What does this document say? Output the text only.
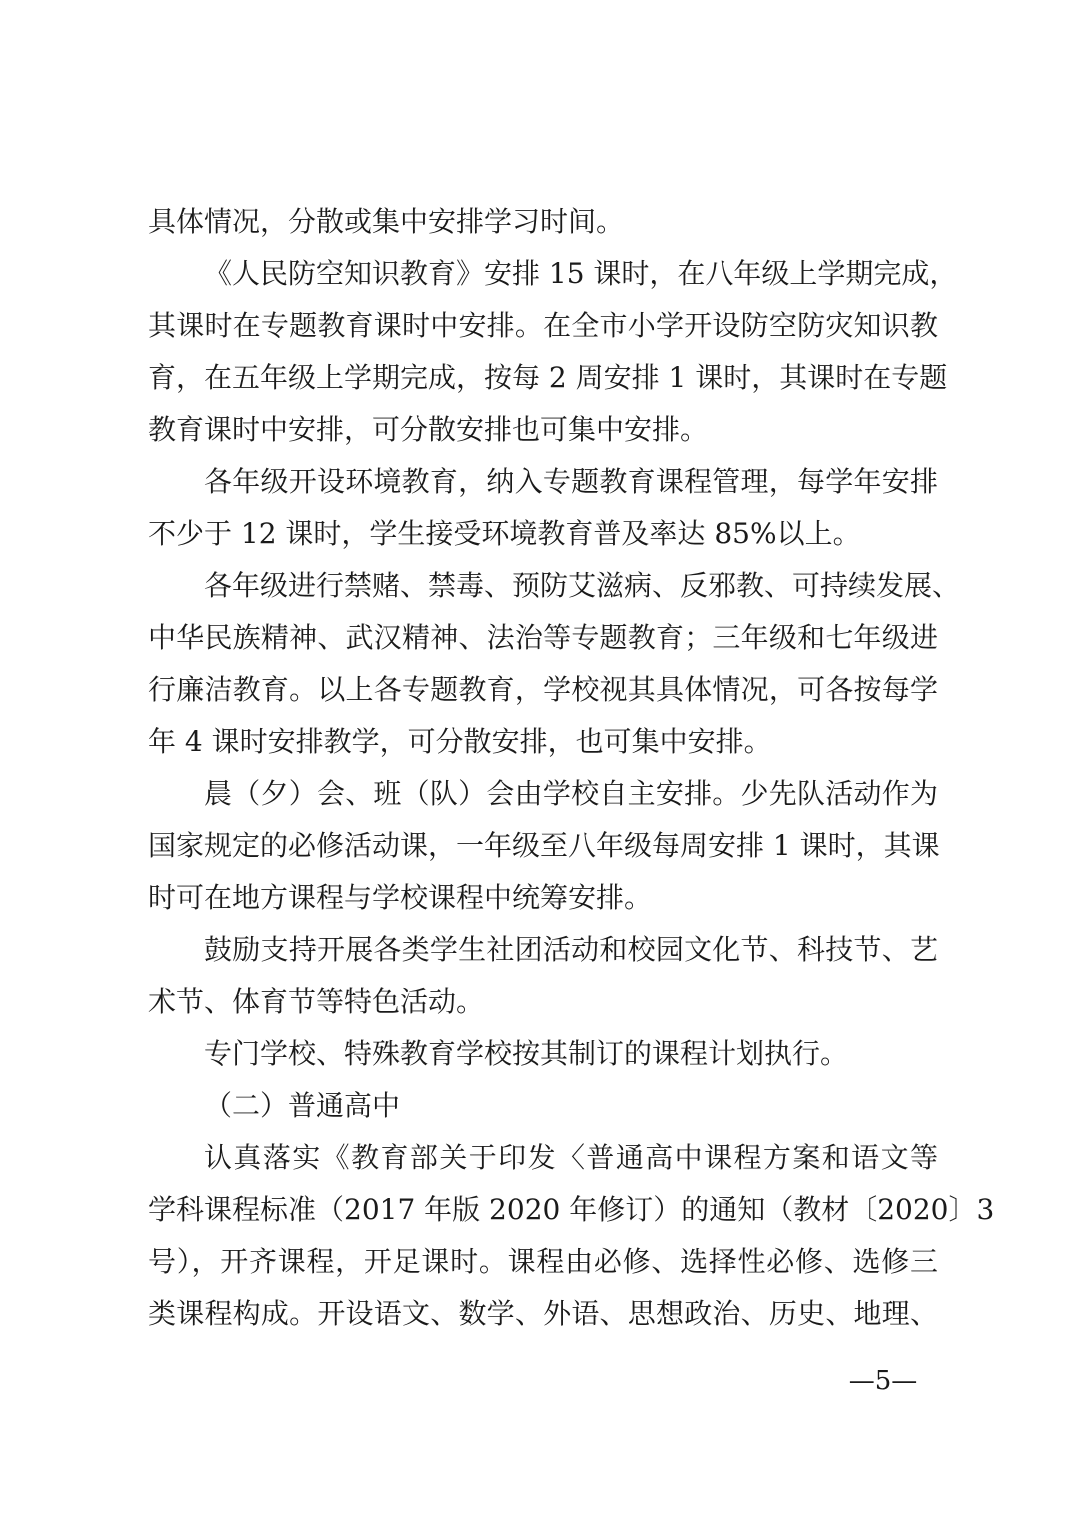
具体情况，分散或集中安排学习时间。
《人民防空知识教育》安排 15 课时，在八年级上学期完成，
其课时在专题教育课时中安排。在全市小学开设防空防灾知识教
育，在五年级上学期完成，按每 2 周安排 1 课时，其课时在专题
教育课时中安排，可分散安排也可集中安排。
各年级开设环境教育，纳入专题教育课程管理，每学年安排
不少于 12 课时，学生接受环境教育普及率达 85%以上。
各年级进行禁赌、禁毒、预防艾滋病、反邪教、可持续发展、
中华民族精神、武汉精神、法治等专题教育；三年级和七年级进
行廉洁教育。以上各专题教育，学校视其具体情况，可各按每学
年 4 课时安排教学，可分散安排，也可集中安排。
晨（夕）会、班（队）会由学校自主安排。少先队活动作为
国家规定的必修活动课，一年级至八年级每周安排 1 课时，其课
时可在地方课程与学校课程中统筹安排。
鼓励支持开展各类学生社团活动和校园文化节、科技节、艺
术节、体育节等特色活动。
专门学校、特殊教育学校按其制订的课程计划执行。
（二）普通高中
认真落实《教育部关于印发〈普通高中课程方案和语文等
学科课程标准（2017 年版 2020 年修订）的通知（教材〔2020〕3
号），开齐课程，开足课时。课程由必修、选择性必修、选修三
类课程构成。开设语文、数学、外语、思想政治、历史、地理、
—5—
